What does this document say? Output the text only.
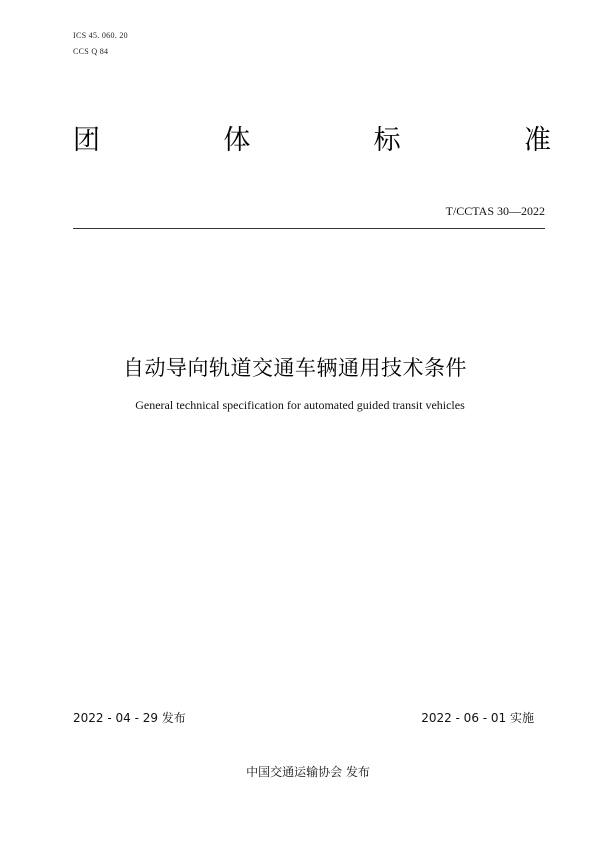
ICS 45. 060. 20
CCS Q 84
团	体	标	准
T/CCTAS 30—2022
自动导向轨道交通车辆通用技术条件
General technical specification for automated guided transit vehicles
2022 - 04 - 29 发布	2022 - 06 - 01 实施
中国交通运输协会 发布
